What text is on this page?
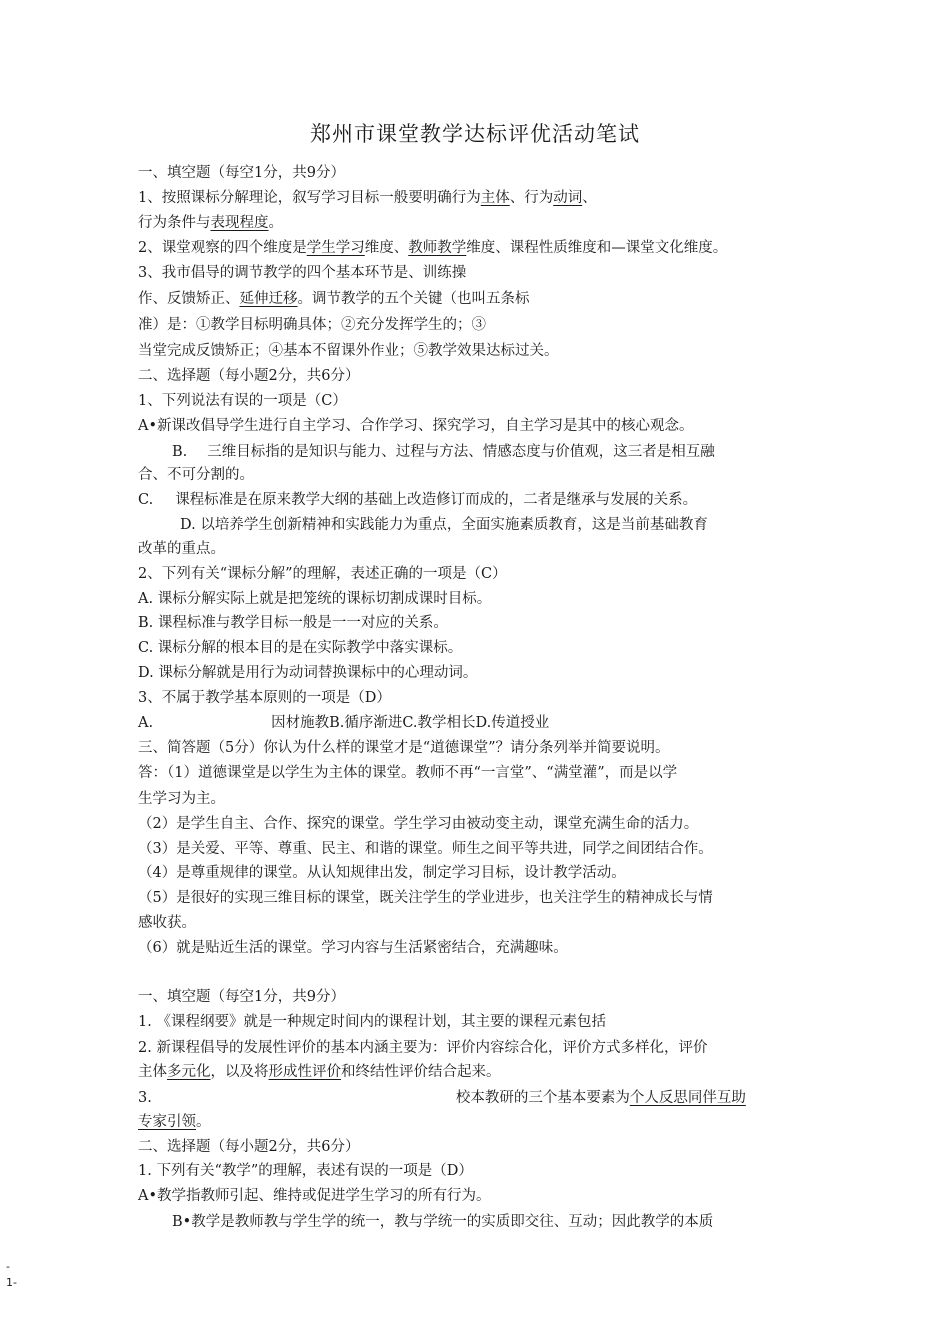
郑州市课堂教学达标评优活动笔试
一、填空题（每空1分，共9分）
1、按照课标分解理论，叙写学习目标一般要明确行为主体、行为动词、
行为条件与表现程度。
2、课堂观察的四个维度是学生学习维度、教师教学维度、课程性质维度和—课堂文化维度。
3、我市倡导的调节教学的四个基本环节是、训练操
作、反馈矫正、延伸迁移。调节教学的五个关键（也叫五条标
准）是：①教学目标明确具体；②充分发挥学生的；③
当堂完成反馈矫正；④基本不留课外作业；⑤教学效果达标过关。
二、选择题（每小题2分，共6分）
1、下列说法有误的一项是（C）
A•新课改倡导学生进行自主学习、合作学习、探究学习，自主学习是其中的核心观念。
B. 三维目标指的是知识与能力、过程与方法、情感态度与价值观，这三者是相互融
合、不可分割的。
C. 课程标准是在原来教学大纲的基础上改造修订而成的，二者是继承与发展的关系。
D. 以培养学生创新精神和实践能力为重点，全面实施素质教育，这是当前基础教育
改革的重点。
2、下列有关“课标分解”的理解，表述正确的一项是（C）
A. 课标分解实际上就是把笼统的课标切割成课时目标。
B. 课程标准与教学目标一般是一一对应的关系。
C. 课标分解的根本目的是在实际教学中落实课标。
D. 课标分解就是用行为动词替换课标中的心理动词。
3、不属于教学基本原则的一项是（D）
A.	因材施教B.循序渐进C.教学相长D.传道授业
三、简答题（5分）你认为什么样的课堂才是“道德课堂”？请分条列举并简要说明。
答：（1）道德课堂是以学生为主体的课堂。教师不再“一言堂”、“满堂灌”，而是以学
生学习为主。
（2）是学生自主、合作、探究的课堂。学生学习由被动变主动，课堂充满生命的活力。
（3）是关爱、平等、尊重、民主、和谐的课堂。师生之间平等共进，同学之间团结合作。
（4）是尊重规律的课堂。从认知规律出发，制定学习目标，设计教学活动。
（5）是很好的实现三维目标的课堂，既关注学生的学业进步，也关注学生的精神成长与情
感收获。
（6）就是贴近生活的课堂。学习内容与生活紧密结合，充满趣味。
一、填空题（每空1分，共9分）
1. 《课程纲要》就是一种规定时间内的课程计划，其主要的课程元素包括
2. 新课程倡导的发展性评价的基本内涵主要为：评价内容综合化，评价方式多样化，评价
主体多元化，以及将形成性评价和终结性评价结合起来。
3.	校本教研的三个基本要素为个人反思同伴互助
专家引领。
二、选择题（每小题2分，共6分）
1. 下列有关“教学”的理解，表述有误的一项是（D）
A•教学指教师引起、维持或促进学生学习的所有行为。
B•教学是教师教与学生学的统一，教与学统一的实质即交往、互动；因此教学的本质
-
1-
